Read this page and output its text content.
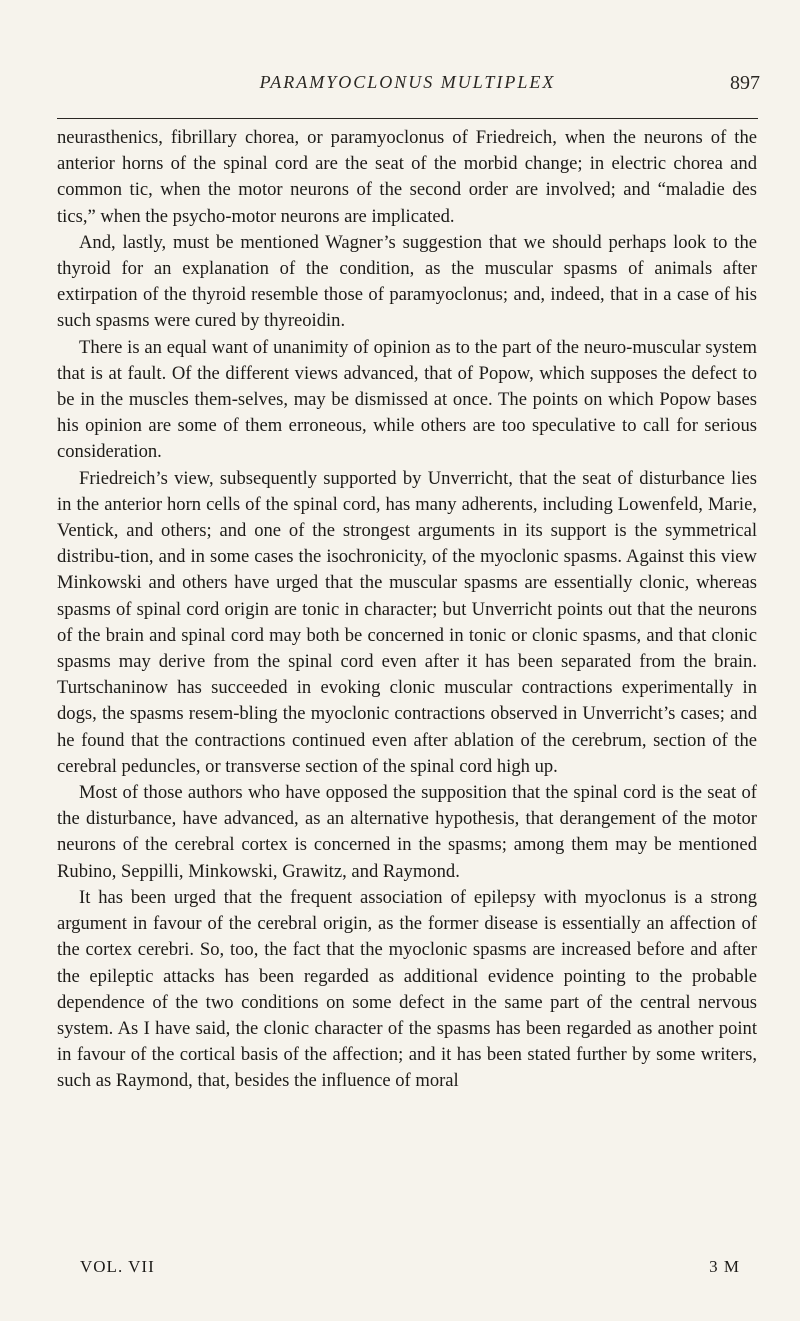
PARAMYOCLONUS MULTIPLEX	897

neurasthenics, fibrillary chorea, or paramyoclonus of Friedreich, when the neurons of the anterior horns of the spinal cord are the seat of the morbid change; in electric chorea and common tic, when the motor neurons of the second order are involved; and “maladie des tics,” when the psycho-motor neurons are implicated.

And, lastly, must be mentioned Wagner’s suggestion that we should perhaps look to the thyroid for an explanation of the condition, as the muscular spasms of animals after extirpation of the thyroid resemble those of paramyoclonus; and, indeed, that in a case of his such spasms were cured by thyreoidin.

There is an equal want of unanimity of opinion as to the part of the neuro-muscular system that is at fault. Of the different views advanced, that of Popow, which supposes the defect to be in the muscles them-selves, may be dismissed at once. The points on which Popow bases his opinion are some of them erroneous, while others are too speculative to call for serious consideration.

Friedreich’s view, subsequently supported by Unverricht, that the seat of disturbance lies in the anterior horn cells of the spinal cord, has many adherents, including Lowenfeld, Marie, Ventick, and others; and one of the strongest arguments in its support is the symmetrical distribu-tion, and in some cases the isochronicity, of the myoclonic spasms. Against this view Minkowski and others have urged that the muscular spasms are essentially clonic, whereas spasms of spinal cord origin are tonic in character; but Unverricht points out that the neurons of the brain and spinal cord may both be concerned in tonic or clonic spasms, and that clonic spasms may derive from the spinal cord even after it has been separated from the brain. Turtschaninow has succeeded in evoking clonic muscular contractions experimentally in dogs, the spasms resem-bling the myoclonic contractions observed in Unverricht’s cases; and he found that the contractions continued even after ablation of the cerebrum, section of the cerebral peduncles, or transverse section of the spinal cord high up.

Most of those authors who have opposed the supposition that the spinal cord is the seat of the disturbance, have advanced, as an alternative hypothesis, that derangement of the motor neurons of the cerebral cortex is concerned in the spasms; among them may be mentioned Rubino, Seppilli, Minkowski, Grawitz, and Raymond.

It has been urged that the frequent association of epilepsy with myoclonus is a strong argument in favour of the cerebral origin, as the former disease is essentially an affection of the cortex cerebri. So, too, the fact that the myoclonic spasms are increased before and after the epileptic attacks has been regarded as additional evidence pointing to the probable dependence of the two conditions on some defect in the same part of the central nervous system. As I have said, the clonic character of the spasms has been regarded as another point in favour of the cortical basis of the affection; and it has been stated further by some writers, such as Raymond, that, besides the influence of moral

VOL. VII	3 M
